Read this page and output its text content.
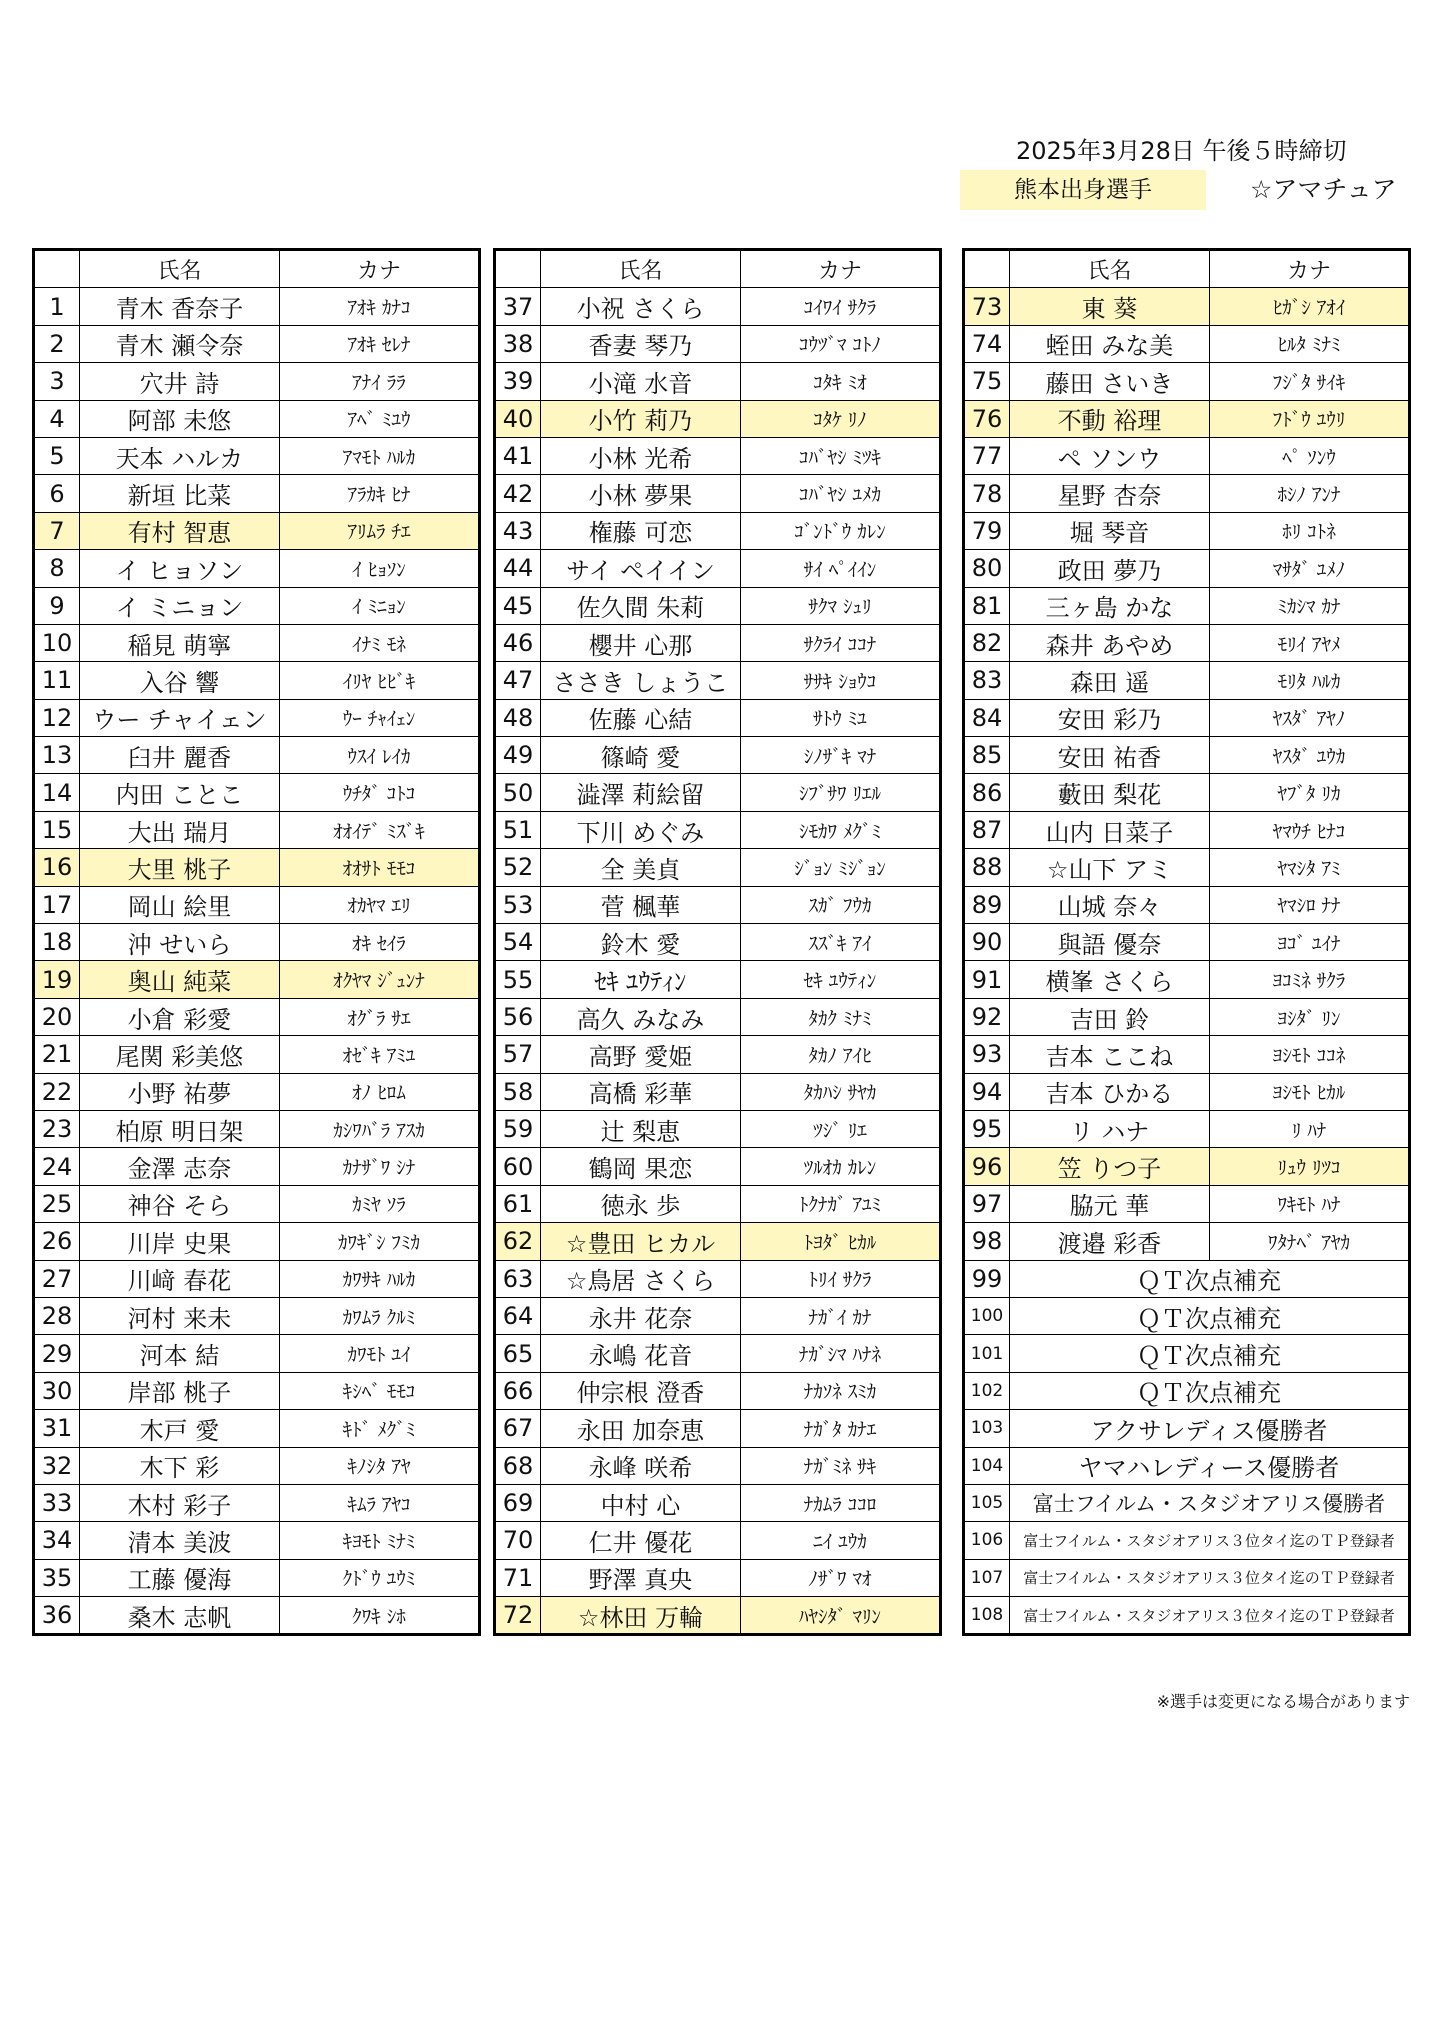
2025年3月28日 午後５時締切
熊本出身選手	☆アマチュア
	氏名	カナ
1	青木 香奈子	ｱｵｷ ｶﾅｺ
2	青木 瀬令奈	ｱｵｷ ｾﾚﾅ
3	穴井 詩	ｱﾅｲ ﾗﾗ
4	阿部 未悠	ｱﾍﾞ ﾐﾕｳ
5	天本 ハルカ	ｱﾏﾓﾄ ﾊﾙｶ
6	新垣 比菜	ｱﾗｶｷ ﾋﾅ
7	有村 智恵	ｱﾘﾑﾗ ﾁｴ
8	イ ヒョソン	ｲ ﾋｮｿﾝ
9	イ ミニョン	ｲ ﾐﾆｮﾝ
10	稲見 萌寧	ｲﾅﾐ ﾓﾈ
11	入谷 響	ｲﾘﾔ ﾋﾋﾞｷ
12	ウー チャイェン	ｳｰ ﾁｬｲｪﾝ
13	臼井 麗香	ｳｽｲ ﾚｲｶ
14	内田 ことこ	ｳﾁﾀﾞ ｺﾄｺ
15	大出 瑞月	ｵｵｲﾃﾞ ﾐｽﾞｷ
16	大里 桃子	ｵｵｻﾄ ﾓﾓｺ
17	岡山 絵里	ｵｶﾔﾏ ｴﾘ
18	沖 せいら	ｵｷ ｾｲﾗ
19	奥山 純菜	ｵｸﾔﾏ ｼﾞｭﾝﾅ
20	小倉 彩愛	ｵｸﾞﾗ ｻｴ
21	尾関 彩美悠	ｵｾﾞｷ ｱﾐﾕ
22	小野 祐夢	ｵﾉ ﾋﾛﾑ
23	柏原 明日架	ｶｼﾜﾊﾞﾗ ｱｽｶ
24	金澤 志奈	ｶﾅｻﾞﾜ ｼﾅ
25	神谷 そら	ｶﾐﾔ ｿﾗ
26	川岸 史果	ｶﾜｷﾞｼ ﾌﾐｶ
27	川﨑 春花	ｶﾜｻｷ ﾊﾙｶ
28	河村 来未	ｶﾜﾑﾗ ｸﾙﾐ
29	河本 結	ｶﾜﾓﾄ ﾕｲ
30	岸部 桃子	ｷｼﾍﾞ ﾓﾓｺ
31	木戸 愛	ｷﾄﾞ ﾒｸﾞﾐ
32	木下 彩	ｷﾉｼﾀ ｱﾔ
33	木村 彩子	ｷﾑﾗ ｱﾔｺ
34	清本 美波	ｷﾖﾓﾄ ﾐﾅﾐ
35	工藤 優海	ｸﾄﾞｳ ﾕｳﾐ
36	桑木 志帆	ｸﾜｷ ｼﾎ
	氏名	カナ
37	小祝 さくら	ｺｲﾜｲ ｻｸﾗ
38	香妻 琴乃	ｺｳﾂﾞﾏ ｺﾄﾉ
39	小滝 水音	ｺﾀｷ ﾐｵ
40	小竹 莉乃	ｺﾀｹ ﾘﾉ
41	小林 光希	ｺﾊﾞﾔｼ ﾐﾂｷ
42	小林 夢果	ｺﾊﾞﾔｼ ﾕﾒｶ
43	権藤 可恋	ｺﾞﾝﾄﾞｳ ｶﾚﾝ
44	サイ ペイイン	ｻｲ ﾍﾟｲｲﾝ
45	佐久間 朱莉	ｻｸﾏ ｼｭﾘ
46	櫻井 心那	ｻｸﾗｲ ｺｺﾅ
47	ささき しょうこ	ｻｻｷ ｼｮｳｺ
48	佐藤 心結	ｻﾄｳ ﾐﾕ
49	篠崎 愛	ｼﾉｻﾞｷ ﾏﾅ
50	澁澤 莉絵留	ｼﾌﾞｻﾜ ﾘｴﾙ
51	下川 めぐみ	ｼﾓｶﾜ ﾒｸﾞﾐ
52	全 美貞	ｼﾞｮﾝ ﾐｼﾞｮﾝ
53	菅 楓華	ｽｶﾞ ﾌｳｶ
54	鈴木 愛	ｽｽﾞｷ ｱｲ
55	ｾｷ ﾕｳﾃｨﾝ	ｾｷ ﾕｳﾃｨﾝ
56	高久 みなみ	ﾀｶｸ ﾐﾅﾐ
57	高野 愛姫	ﾀｶﾉ ｱｲﾋ
58	高橋 彩華	ﾀｶﾊｼ ｻﾔｶ
59	辻 梨恵	ﾂｼﾞ ﾘｴ
60	鶴岡 果恋	ﾂﾙｵｶ ｶﾚﾝ
61	徳永 歩	ﾄｸﾅｶﾞ ｱﾕﾐ
62	☆豊田 ヒカル	ﾄﾖﾀﾞ ﾋｶﾙ
63	☆鳥居 さくら	ﾄﾘｲ ｻｸﾗ
64	永井 花奈	ﾅｶﾞｲ ｶﾅ
65	永嶋 花音	ﾅｶﾞｼﾏ ﾊﾅﾈ
66	仲宗根 澄香	ﾅｶｿﾈ ｽﾐｶ
67	永田 加奈恵	ﾅｶﾞﾀ ｶﾅｴ
68	永峰 咲希	ﾅｶﾞﾐﾈ ｻｷ
69	中村 心	ﾅｶﾑﾗ ｺｺﾛ
70	仁井 優花	ﾆｲ ﾕｳｶ
71	野澤 真央	ﾉｻﾞﾜ ﾏｵ
72	☆林田 万輪	ﾊﾔｼﾀﾞ ﾏﾘﾝ
	氏名	カナ
73	東 葵	ﾋｶﾞｼ ｱｵｲ
74	蛭田 みな美	ﾋﾙﾀ ﾐﾅﾐ
75	藤田 さいき	ﾌｼﾞﾀ ｻｲｷ
76	不動 裕理	ﾌﾄﾞｳ ﾕｳﾘ
77	ペ ソンウ	ﾍﾟ ｿﾝｳ
78	星野 杏奈	ﾎｼﾉ ｱﾝﾅ
79	堀 琴音	ﾎﾘ ｺﾄﾈ
80	政田 夢乃	ﾏｻﾀﾞ ﾕﾒﾉ
81	三ヶ島 かな	ﾐｶｼﾏ ｶﾅ
82	森井 あやめ	ﾓﾘｲ ｱﾔﾒ
83	森田 遥	ﾓﾘﾀ ﾊﾙｶ
84	安田 彩乃	ﾔｽﾀﾞ ｱﾔﾉ
85	安田 祐香	ﾔｽﾀﾞ ﾕｳｶ
86	藪田 梨花	ﾔﾌﾞﾀ ﾘｶ
87	山内 日菜子	ﾔﾏｳﾁ ﾋﾅｺ
88	☆山下 アミ	ﾔﾏｼﾀ ｱﾐ
89	山城 奈々	ﾔﾏｼﾛ ﾅﾅ
90	與語 優奈	ﾖｺﾞ ﾕｲﾅ
91	横峯 さくら	ﾖｺﾐﾈ ｻｸﾗ
92	吉田 鈴	ﾖｼﾀﾞ ﾘﾝ
93	吉本 ここね	ﾖｼﾓﾄ ｺｺﾈ
94	吉本 ひかる	ﾖｼﾓﾄ ﾋｶﾙ
95	リ ハナ	ﾘ ﾊﾅ
96	笠 りつ子	ﾘｭｳ ﾘﾂｺ
97	脇元 華	ﾜｷﾓﾄ ﾊﾅ
98	渡邉 彩香	ﾜﾀﾅﾍﾞ ｱﾔｶ
99	ＱＴ次点補充	
100	ＱＴ次点補充	
101	ＱＴ次点補充	
102	ＱＴ次点補充	
103	アクサレディス優勝者	
104	ヤマハレディース優勝者	
105	富士フイルム・スタジオアリス優勝者	
106	富士フイルム・スタジオアリス３位タイ迄のＴＰ登録者	
107	富士フイルム・スタジオアリス３位タイ迄のＴＰ登録者	
108	富士フイルム・スタジオアリス３位タイ迄のＴＰ登録者	
※選手は変更になる場合があります
